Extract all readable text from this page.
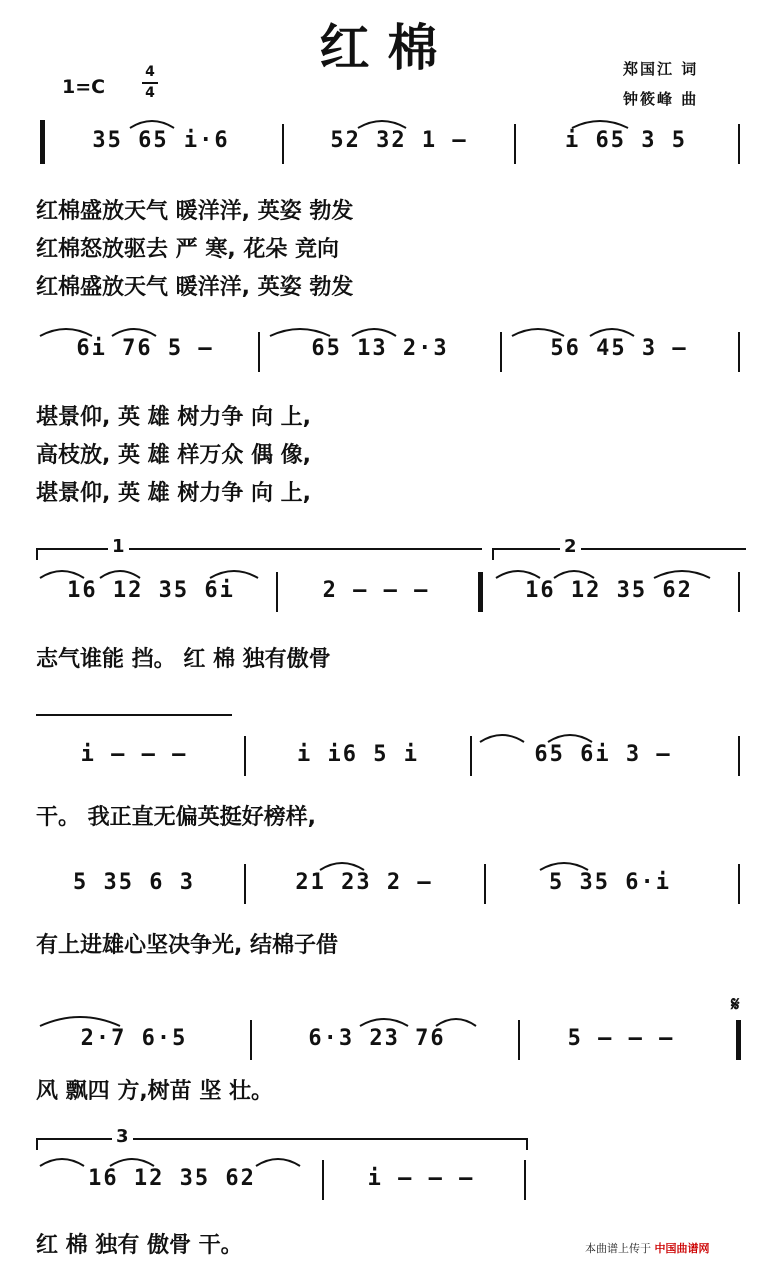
红棉
1=C
4
4
郑国江 词
钟筱峰 曲
35 65 i·6	52 32 1 —	i 65 3 5
红棉盛放天气 暖洋洋, 英姿 勃发
红棉怒放驱去 严 寒, 花朵 竞向
红棉盛放天气 暖洋洋, 英姿 勃发
6i 76 5 —	65 13 2·3	56 45 3 —
堪景仰, 英 雄 树力争 向 上,
高枝放, 英 雄 样万众 偶 像,
堪景仰, 英 雄 树力争 向 上,
1	2
16 12 35 6i	2 — — —	16 12 35 62
志气谁能 挡。 红 棉 独有傲骨
i — — —	i i6 5 i	65 6i 3 —
干。 我正直无偏英挺好榜样,
5 35 6 3	21 23 2 —	5 35 6·i
有上进雄心坚决争光, 结棉子借
2·7 6·5	6·3 23 76	5 — — —
𝄋
风 飘四 方,树苗 坚 壮。
3
16 12 35 62	i — — —
红 棉 独有 傲骨 干。	本曲谱上传于 中国曲谱网
